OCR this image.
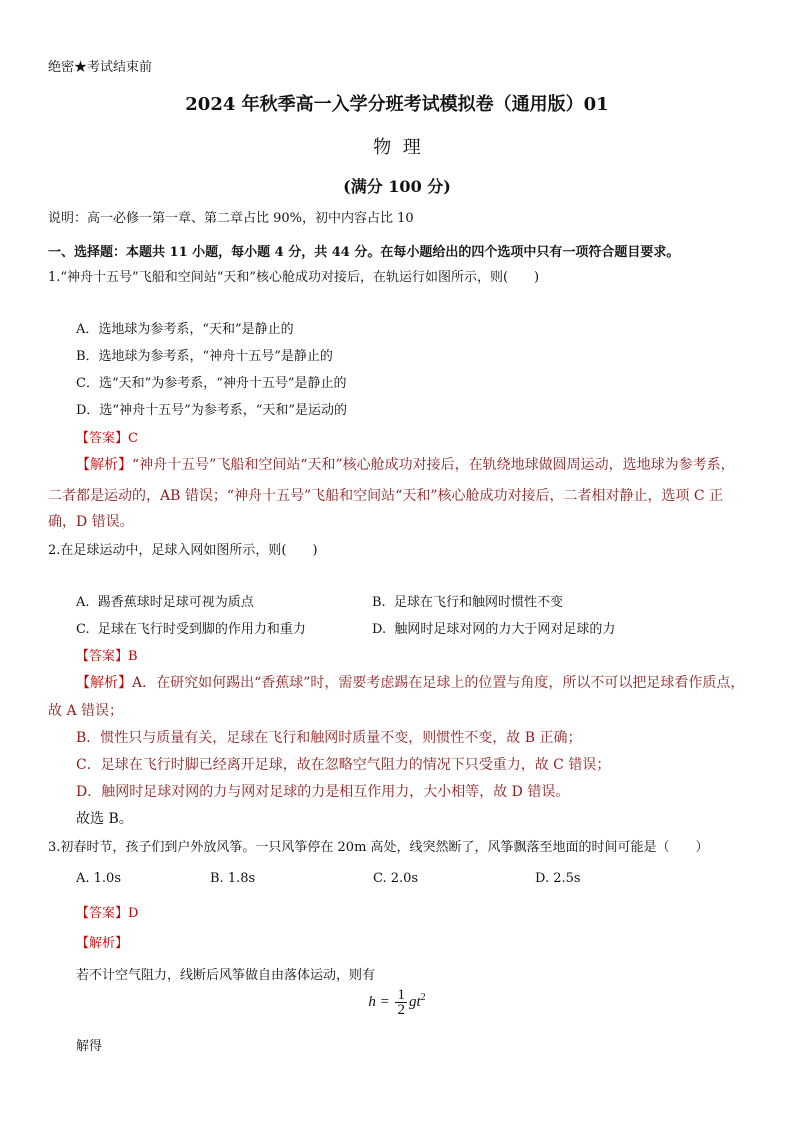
绝密★考试结束前
2024 年秋季高一入学分班考试模拟卷（通用版）01
物  理
(满分 100 分)
说明：高一必修一第一章、第二章占比 90%，初中内容占比 10
一、选择题：本题共 11 小题，每小题 4 分，共 44 分。在每小题给出的四个选项中只有一项符合题目要求。
1.“神舟十五号”飞船和空间站“天和”核心舱成功对接后，在轨运行如图所示，则(　　)
A．选地球为参考系，“天和”是静止的
B．选地球为参考系，“神舟十五号”是静止的
C．选“天和”为参考系，“神舟十五号”是静止的
D．选“神舟十五号”为参考系，“天和”是运动的
【答案】C
【解析】“神舟十五号”飞船和空间站“天和”核心舱成功对接后，在轨绕地球做圆周运动，选地球为参考系，
二者都是运动的，AB 错误；“神舟十五号”飞船和空间站“天和”核心舱成功对接后，二者相对静止，选项 C 正
确，D 错误。
2.在足球运动中，足球入网如图所示，则(　　)
A.  踢香蕉球时足球可视为质点	B.  足球在飞行和触网时惯性不变
C.  足球在飞行时受到脚的作用力和重力	D.  触网时足球对网的力大于网对足球的力
【答案】B
【解析】A．在研究如何踢出“香蕉球”时，需要考虑踢在足球上的位置与角度，所以不可以把足球看作质点，
故 A 错误；
B．惯性只与质量有关，足球在飞行和触网时质量不变，则惯性不变，故 B 正确；
C．足球在飞行时脚已经离开足球，故在忽略空气阻力的情况下只受重力，故 C 错误；
D．触网时足球对网的力与网对足球的力是相互作用力，大小相等，故 D 错误。
故选 B。
3.初春时节，孩子们到户外放风筝。一只风筝停在 20m 高处，线突然断了，风筝飘落至地面的时间可能是（　　）
A. 1.0s	B. 1.8s	C. 2.0s	D. 2.5s
【答案】D
【解析】
若不计空气阻力，线断后风筝做自由落体运动，则有
$h = \frac{1}{2} gt^2$
解得
